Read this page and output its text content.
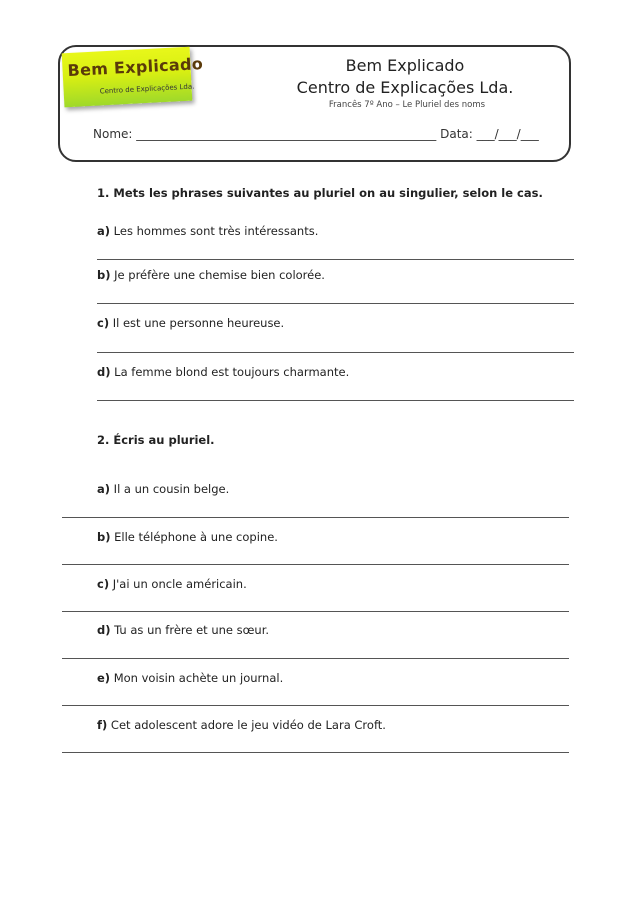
Bem Explicado
Centro de Explicações Lda.
Bem Explicado
Centro de Explicações Lda.
Francês 7º Ano – Le Pluriel des noms
Nome: __________________________________________________ Data: ___/___/___
1. Mets les phrases suivantes au pluriel on au singulier, selon le cas.
a) Les hommes sont très intéressants.
b) Je préfère une chemise bien colorée.
c) Il est une personne heureuse.
d) La femme blond est toujours charmante.
2. Écris au pluriel.
a) Il a un cousin belge.
b) Elle téléphone à une copine.
c) J'ai un oncle américain.
d) Tu as un frère et une sœur.
e) Mon voisin achète un journal.
f) Cet adolescent adore le jeu vidéo de Lara Croft.
